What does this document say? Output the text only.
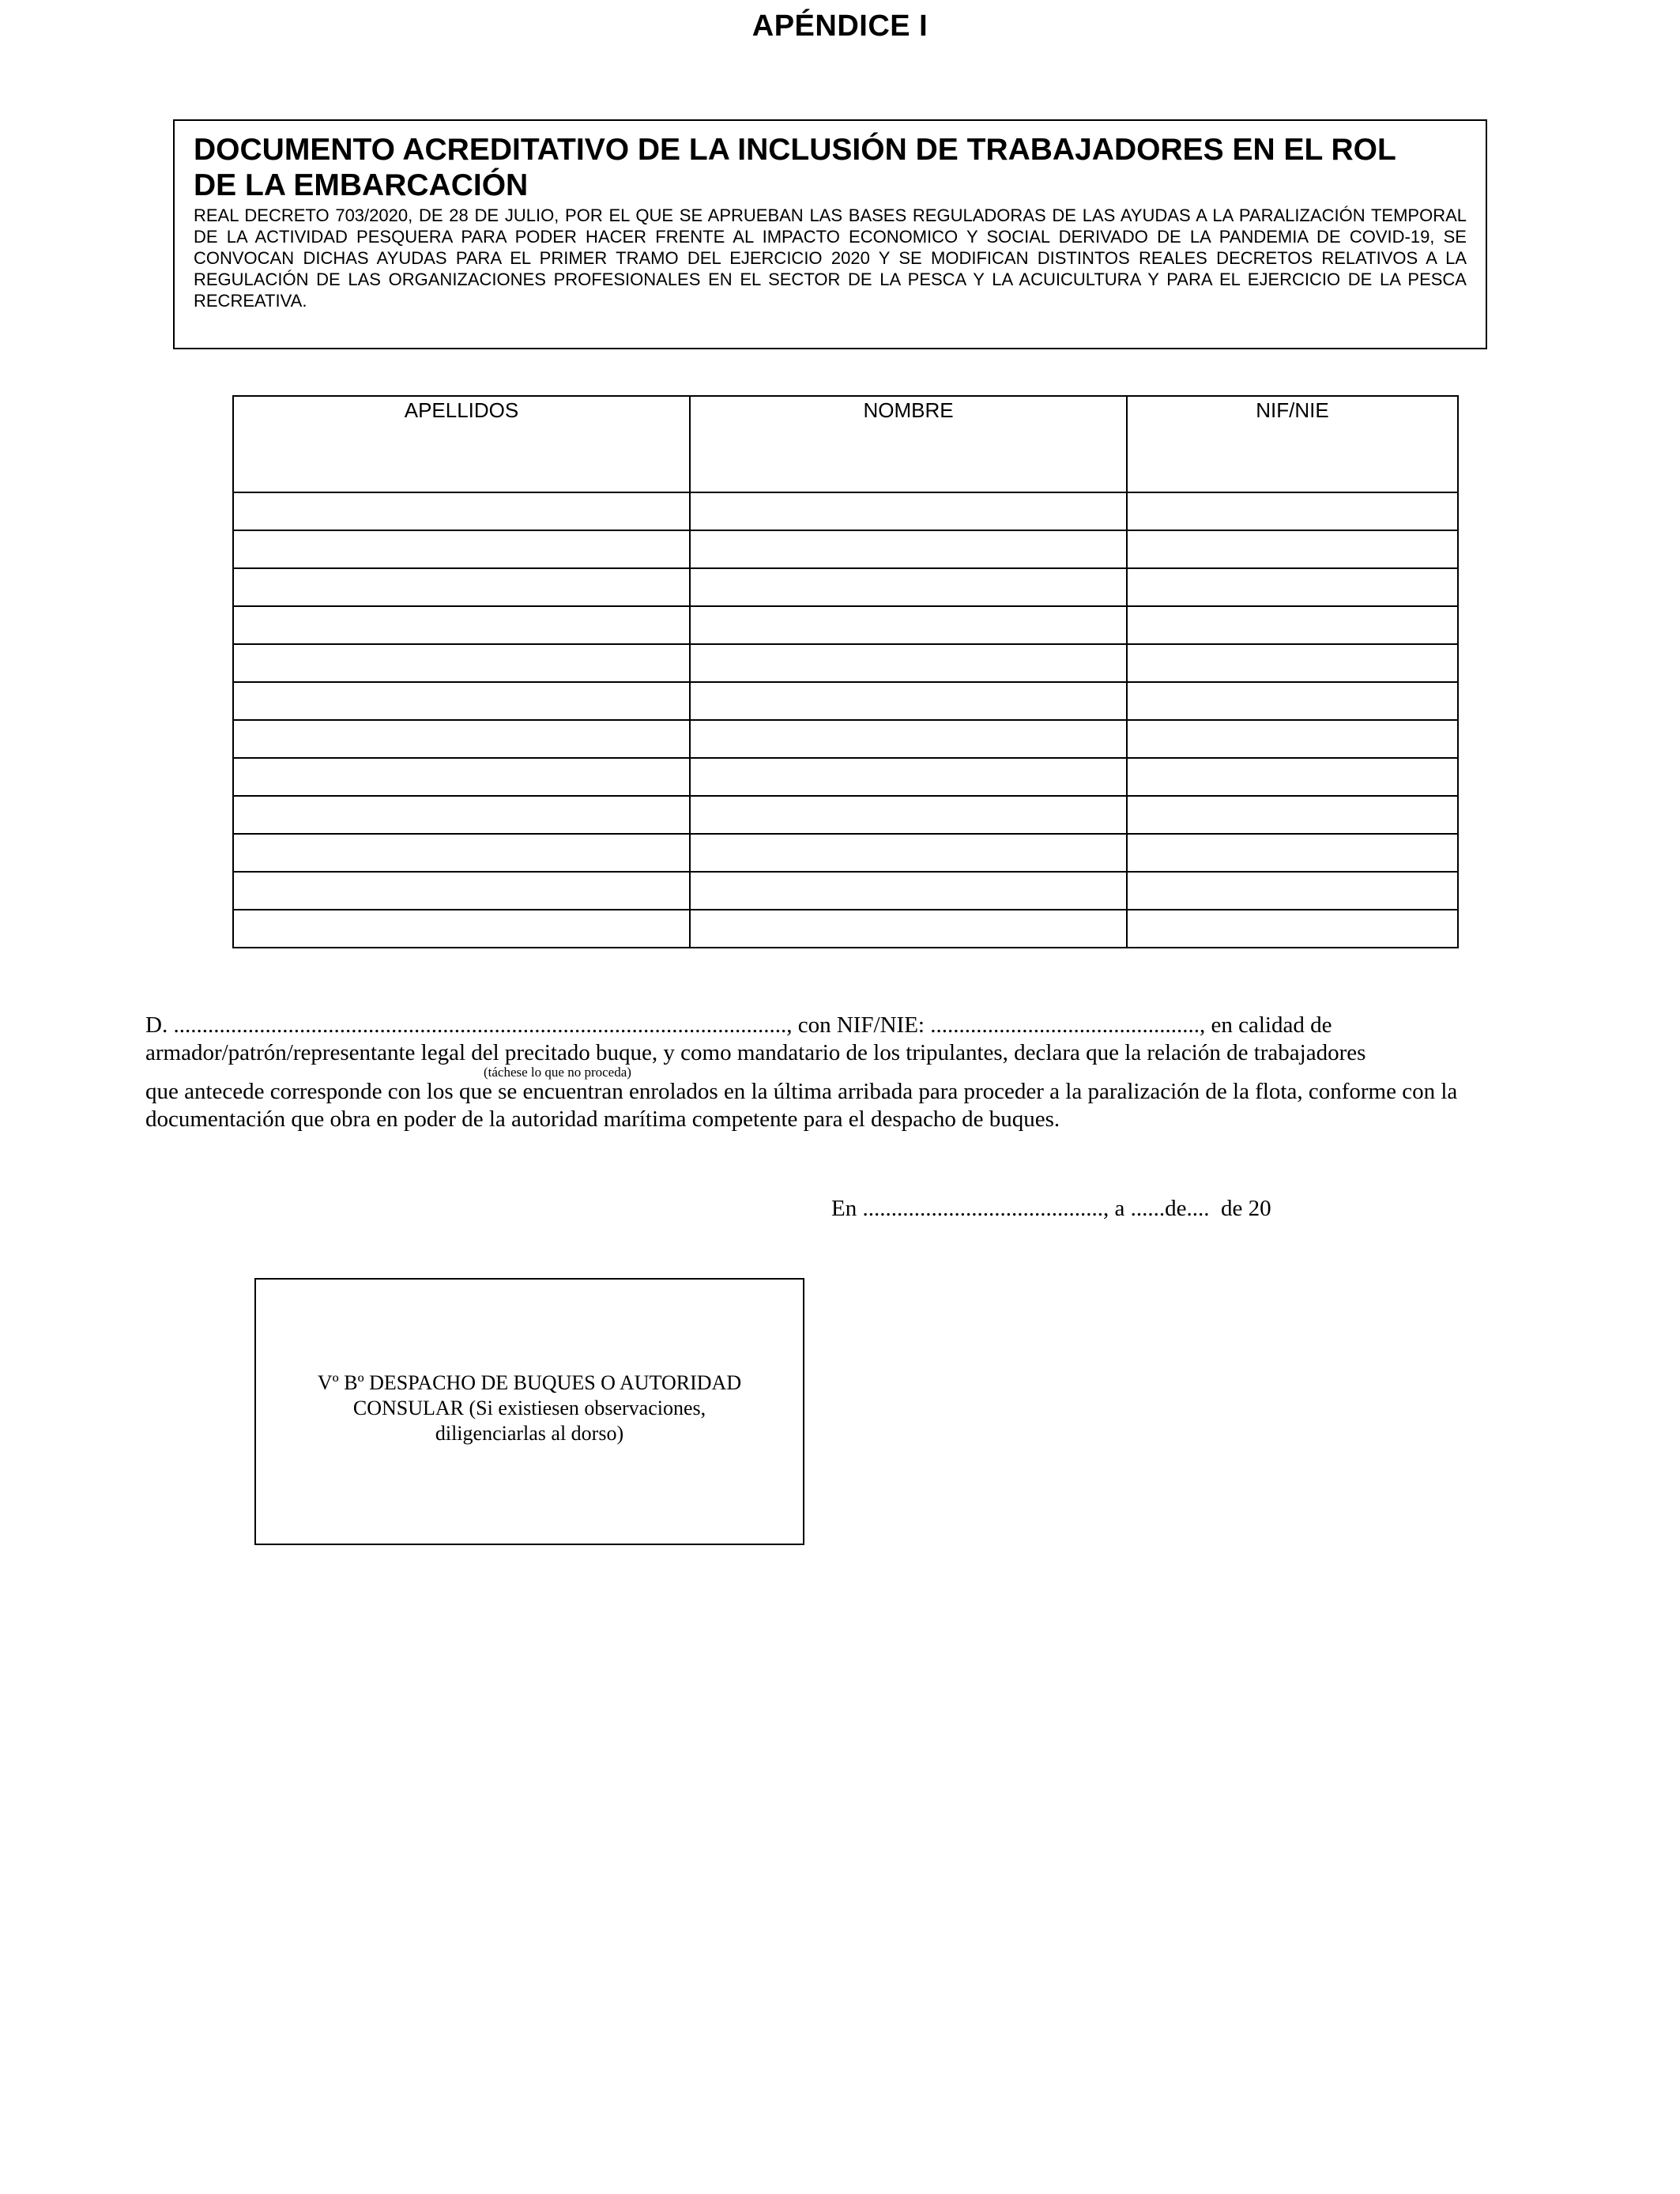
APÉNDICE I
DOCUMENTO ACREDITATIVO DE LA INCLUSIÓN DE TRABAJADORES EN EL ROL
DE LA EMBARCACIÓN
REAL DECRETO 703/2020, DE 28 DE JULIO, POR EL QUE SE APRUEBAN LAS BASES REGULADORAS DE LAS AYUDAS A LA PARALIZACIÓN TEMPORAL DE LA ACTIVIDAD PESQUERA PARA PODER HACER FRENTE AL IMPACTO ECONOMICO Y SOCIAL DERIVADO DE LA PANDEMIA DE COVID-19, SE CONVOCAN DICHAS AYUDAS PARA EL PRIMER TRAMO DEL EJERCICIO 2020 Y SE MODIFICAN DISTINTOS REALES DECRETOS RELATIVOS A LA REGULACIÓN DE LAS ORGANIZACIONES PROFESIONALES EN EL SECTOR DE LA PESCA Y LA ACUICULTURA Y PARA EL EJERCICIO DE LA PESCA RECREATIVA.
APELLIDOS	NOMBRE	NIF/NIE

D. ..........................................................................................................., con NIF/NIE: ..............................................., en calidad de
armador/patrón/representante legal del precitado buque, y como mandatario de los tripulantes, declara que la relación de trabajadores
(táchese lo que no proceda)
que antecede corresponde con los que se encuentran enrolados en la última arribada para proceder a la paralización de la flota, conforme con la
documentación que obra en poder de la autoridad marítima competente para el despacho de buques.
En .........................................., a ......de....  de 20
Vº Bº DESPACHO DE BUQUES O AUTORIDAD
CONSULAR (Si existiesen observaciones,
diligenciarlas al dorso)
